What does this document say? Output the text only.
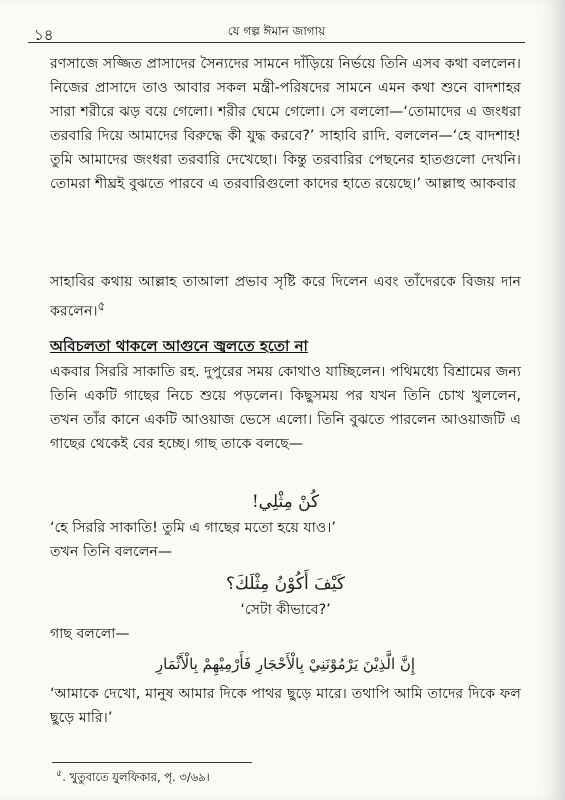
১৪	যে গল্প ঈমান জাগায়

রণসাজে সজ্জিত প্রাসাদের সৈন্যদের সামনে দাঁড়িয়ে নির্ভয়ে তিনি এসব কথা বললেন। নিজের প্রাসাদে তাও আবার সকল মন্ত্রী-পরিষদের সামনে এমন কথা শুনে বাদশাহর সারা শরীরে ঝড় বয়ে গেলো। শরীর ঘেমে গেলো। সে বললো—‘তোমাদের এ জংধরা তরবারি দিয়ে আমাদের বিরুদ্ধে কী যুদ্ধ করবে?’ সাহাবি রাদি. বললেন—‘হে বাদশাহ! তুমি আমাদের জংধরা তরবারি দেখেছো। কিন্তু তরবারির পেছনের হাতগুলো দেখনি। তোমরা শীঘ্রই বুঝতে পারবে এ তরবারিগুলো কাদের হাতে রয়েছে।’ আল্লাহু আকবার

সাহাবির কথায় আল্লাহ তাআলা প্রভাব সৃষ্টি করে দিলেন এবং তাঁদেরকে বিজয় দান করলেন।$^৫$

অবিচলতা থাকলে আগুনে জ্বলতে হতো না

একবার সিররি সাকাতি রহ. দুপুরের সময় কোথাও যাচ্ছিলেন। পথিমধ্যে বিশ্রামের জন্য তিনি একটি গাছের নিচে শুয়ে পড়লেন। কিছুসময় পর যখন তিনি চোখ খুললেন, তখন তাঁর কানে একটি আওয়াজ ভেসে এলো। তিনি বুঝতে পারলেন আওয়াজটি এ গাছের থেকেই বের হচ্ছে। গাছ তাকে বলছে—

كُنْ مِثْلِي!
‘হে সিররি সাকাতি! তুমি এ গাছের মতো হয়ে যাও।’
তখন তিনি বললেন—
كَيْفَ أَكُوْنُ مِثْلَكَ؟
‘সেটা কীভাবে?’
গাছ বললো—
إِنَّ الَّذِيْنَ يَرْمُوْنَنِيْ بِالْأَحْجَارِ فَأَرْمِيْهِمْ بِالْأَثْمَارِ

‘আমাকে দেখো, মানুষ আমার দিকে পাথর ছুড়ে মারে। তথাপি আমি তাদের দিকে ফল ছুড়ে মারি।’

$^৫$. খুতুবাতে যুলফিকার, পৃ. ৩/৬৯।
